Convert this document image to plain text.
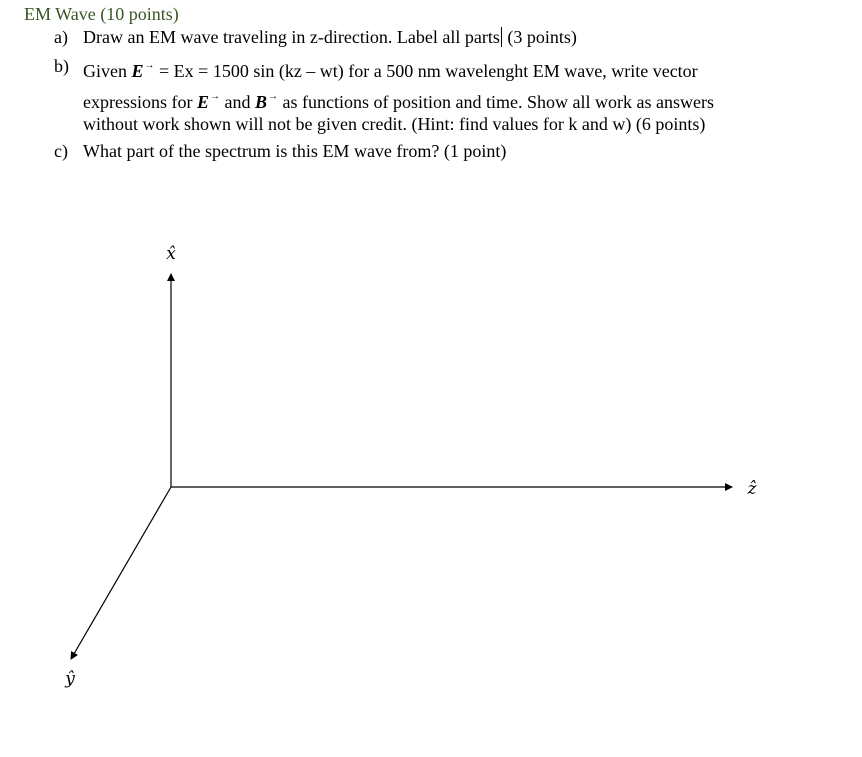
EM Wave (10 points)
a) Draw an EM wave traveling in z-direction. Label all parts (3 points)
b) Given E→ = Ex = 1500 sin (kz – wt) for a 500 nm wavelenght EM wave, write vector
expressions for E→ and B→ as functions of position and time. Show all work as answers
without work shown will not be given credit. (Hint: find values for k and w) (6 points)
c) What part of the spectrum is this EM wave from? (1 point)
x̂
ẑ
ŷ
